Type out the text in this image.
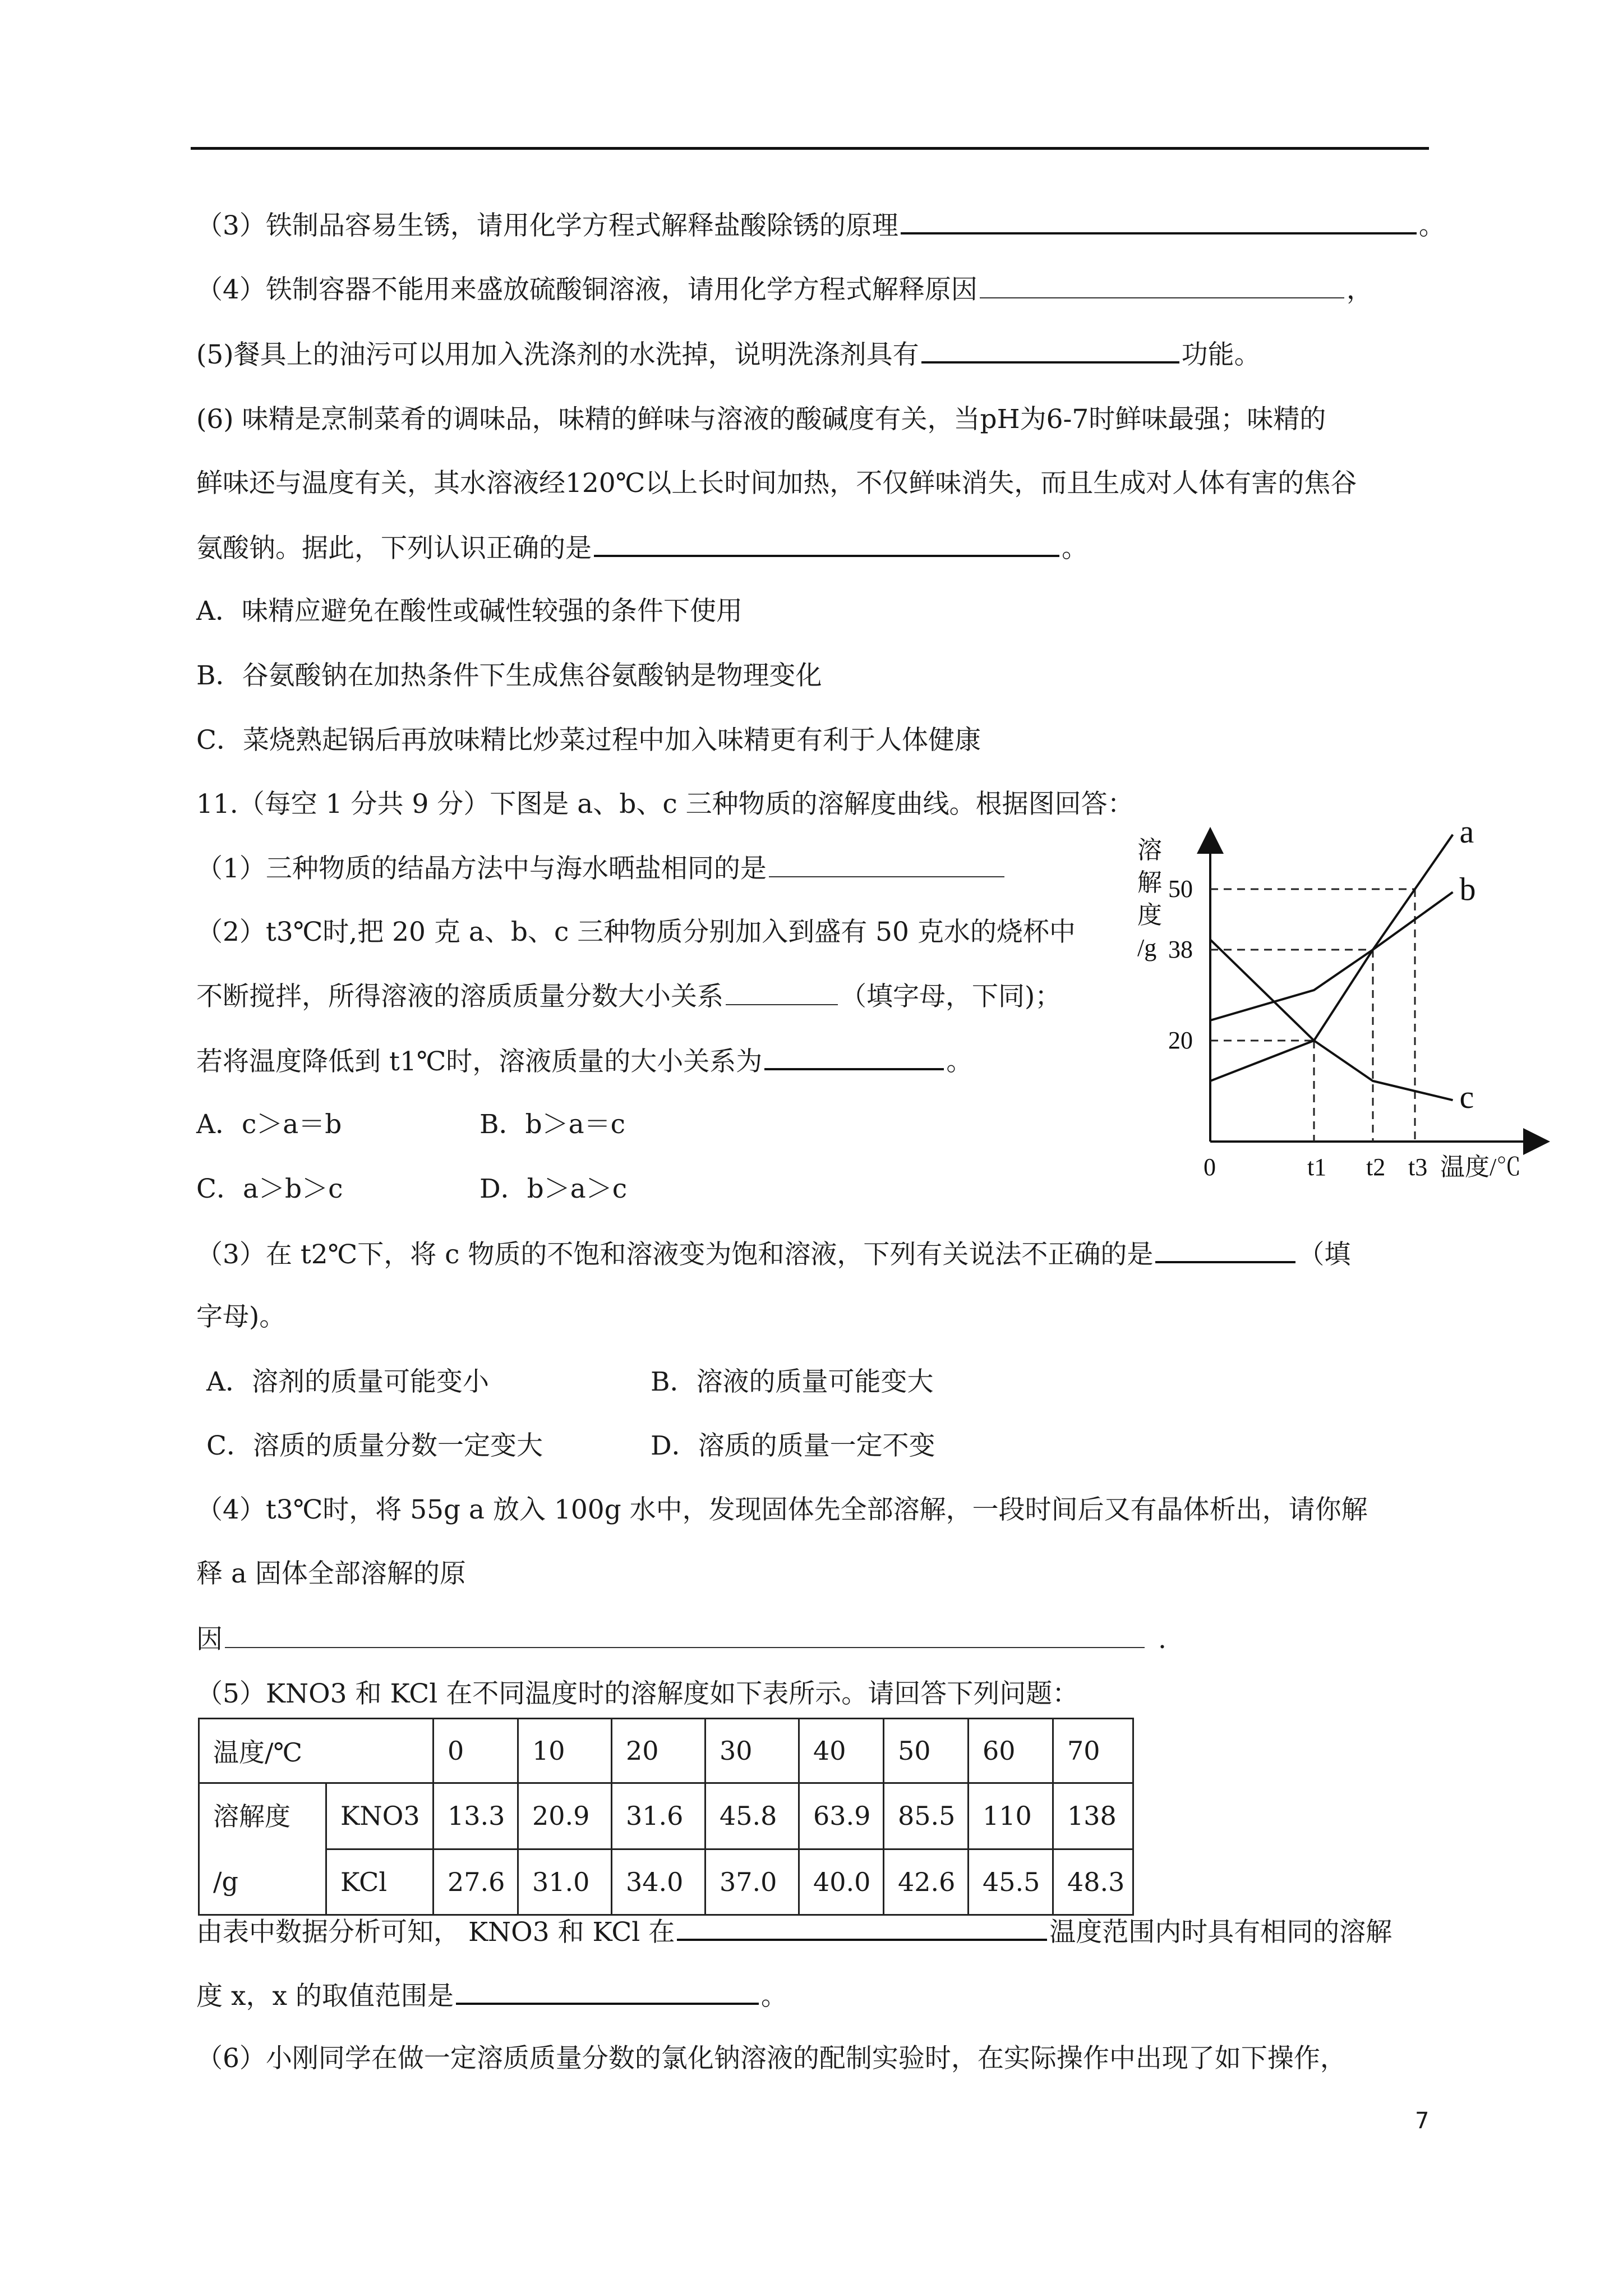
（3）铁制品容易生锈，请用化学方程式解释盐酸除锈的原理	。
（4）铁制容器不能用来盛放硫酸铜溶液，请用化学方程式解释原因	，
(5)餐具上的油污可以用加入洗涤剂的水洗掉，说明洗涤剂具有	功能。
(6) 味精是烹制菜肴的调味品，味精的鲜味与溶液的酸碱度有关，当pH为6-7时鲜味最强；味精的
鲜味还与温度有关，其水溶液经120℃以上长时间加热，不仅鲜味消失，而且生成对人体有害的焦谷
氨酸钠。据此，下列认识正确的是	。
A．味精应避免在酸性或碱性较强的条件下使用
B．谷氨酸钠在加热条件下生成焦谷氨酸钠是物理变化
C．菜烧熟起锅后再放味精比炒菜过程中加入味精更有利于人体健康
11.（每空 1 分共 9 分）下图是 a、b、c 三种物质的溶解度曲线。根据图回答：
（1）三种物质的结晶方法中与海水晒盐相同的是
（2）t3℃时,把 20 克 a、b、c 三种物质分别加入到盛有 50 克水的烧杯中
不断搅拌，所得溶液的溶质质量分数大小关系	（填字母，下同)；
若将温度降低到 t1℃时，溶液质量的大小关系为	。
A．c＞a＝b	B．b＞a＝c
C．a＞b＞c	D．b＞a＞c
（3）在 t2℃下，将 c 物质的不饱和溶液变为饱和溶液，下列有关说法不正确的是	（填
字母)。
A．溶剂的质量可能变小	B．溶液的质量可能变大
C．溶质的质量分数一定变大	D．溶质的质量一定不变
（4）t3℃时，将 55g a 放入 100g 水中，发现固体先全部溶解，一段时间后又有晶体析出，请你解
释 a 固体全部溶解的原
因	.
（5）KNO3 和 KCl 在不同温度时的溶解度如下表所示。请回答下列问题：
温度/℃		0	10	20	30	40	50	60	70
溶解度
/g	KNO3	13.3	20.9	31.6	45.8	63.9	85.5	110	138
	KCl	27.6	31.0	34.0	37.0	40.0	42.6	45.5	48.3
由表中数据分析可知， KNO3 和 KCl 在	温度范围内时具有相同的溶解
度 x，x 的取值范围是	。
（6）小刚同学在做一定溶质质量分数的氯化钠溶液的配制实验时，在实际操作中出现了如下操作，
a
b
c
20
38
50
0	t1 t2 t3
溶
解
度
/g
温度/℃
7
